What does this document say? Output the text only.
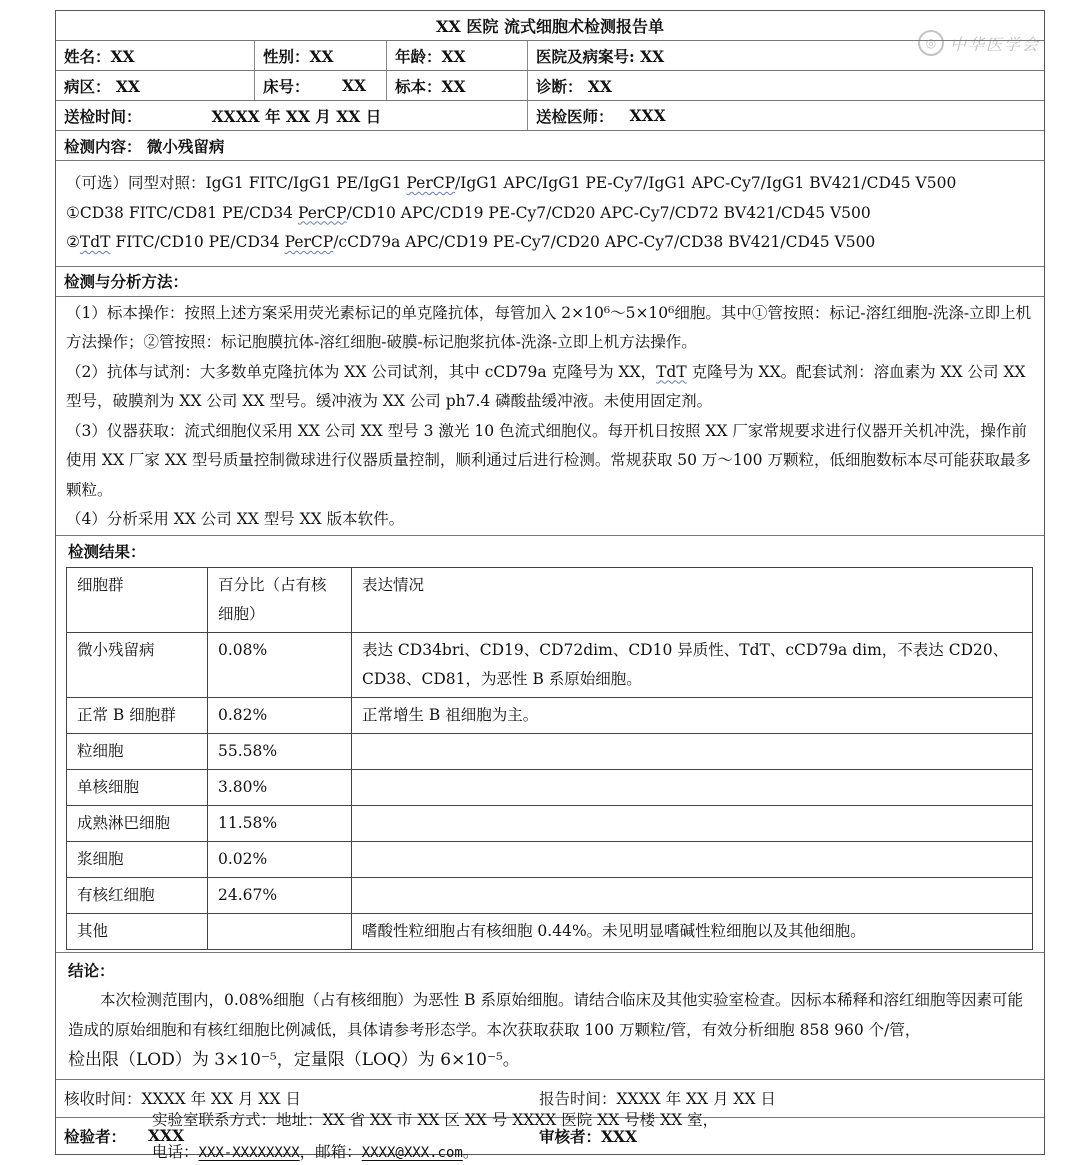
◎ 中华医学会
XX 医院 流式细胞术检测报告单
姓名：XX	性别：XX	年龄：XX	医院及病案号: XX
病区： XX	床号： XX	标本：XX	诊断： XX
送检时间：	XXXX 年 XX 月 XX 日	送检医师： XXX
检测内容： 微小残留病

（可选）同型对照：IgG1 FITC/IgG1 PE/IgG1 PerCP/IgG1 APC/IgG1 PE-Cy7/IgG1 APC-Cy7/IgG1 BV421/CD45 V500

①CD38 FITC/CD81 PE/CD34 PerCP/CD10 APC/CD19 PE-Cy7/CD20 APC-Cy7/CD72 BV421/CD45 V500

②TdT FITC/CD10 PE/CD34 PerCP/cCD79a APC/CD19 PE-Cy7/CD20 APC-Cy7/CD38 BV421/CD45 V500

检测与分析方法：

（1）标本操作：按照上述方案采用荧光素标记的单克隆抗体，每管加入 2×10⁶～5×10⁶细胞。其中①管按照：标记-溶红细胞-洗涤-立即上机方法操作；②管按照：标记胞膜抗体-溶红细胞-破膜-标记胞浆抗体-洗涤-立即上机方法操作。

（2）抗体与试剂：大多数单克隆抗体为 XX 公司试剂，其中 cCD79a 克隆号为 XX，TdT 克隆号为 XX。配套试剂：溶血素为 XX 公司 XX 型号，破膜剂为 XX 公司 XX 型号。缓冲液为 XX 公司 ph7.4 磷酸盐缓冲液。未使用固定剂。

（3）仪器获取：流式细胞仪采用 XX 公司 XX 型号 3 激光 10 色流式细胞仪。每开机日按照 XX 厂家常规要求进行仪器开关机冲洗，操作前使用 XX 厂家 XX 型号质量控制微球进行仪器质量控制，顺利通过后进行检测。常规获取 50 万～100 万颗粒，低细胞数标本尽可能获取最多颗粒。

（4）分析采用 XX 公司 XX 型号 XX 版本软件。

检测结果：
细胞群	百分比（占有核细胞）	表达情况
微小残留病	0.08%	表达 CD34bri、CD19、CD72dim、CD10 异质性、TdT、cCD79a dim，不表达 CD20、CD38、CD81，为恶性 B 系原始细胞。
正常 B 细胞群	0.82%	正常增生 B 祖细胞为主。
粒细胞	55.58%	
单核细胞	3.80%	
成熟淋巴细胞	11.58%	
浆细胞	0.02%	
有核红细胞	24.67%	
其他		嗜酸性粒细胞占有核细胞 0.44%。未见明显嗜碱性粒细胞以及其他细胞。
结论：

本次检测范围内，0.08%细胞（占有核细胞）为恶性 B 系原始细胞。请结合临床及其他实验室检查。因标本稀释和溶红细胞等因素可能造成的原始细胞和有核红细胞比例减低，具体请参考形态学。本次获取获取 100 万颗粒/管，有效分析细胞 858 960 个/管，

检出限（LOD）为 3×10⁻⁵，定量限（LOQ）为 6×10⁻⁵。

核收时间：XXXX 年 XX 月 XX 日	报告时间：XXXX 年 XX 月 XX 日
检验者： XXX	审核者：XXX
实验室联系方式：地址：XX 省 XX 市 XX 区 XX 号 XXXX 医院 XX 号楼 XX 室，
电话：XXX-XXXXXXXX，邮箱：XXXX@XXX.com。
